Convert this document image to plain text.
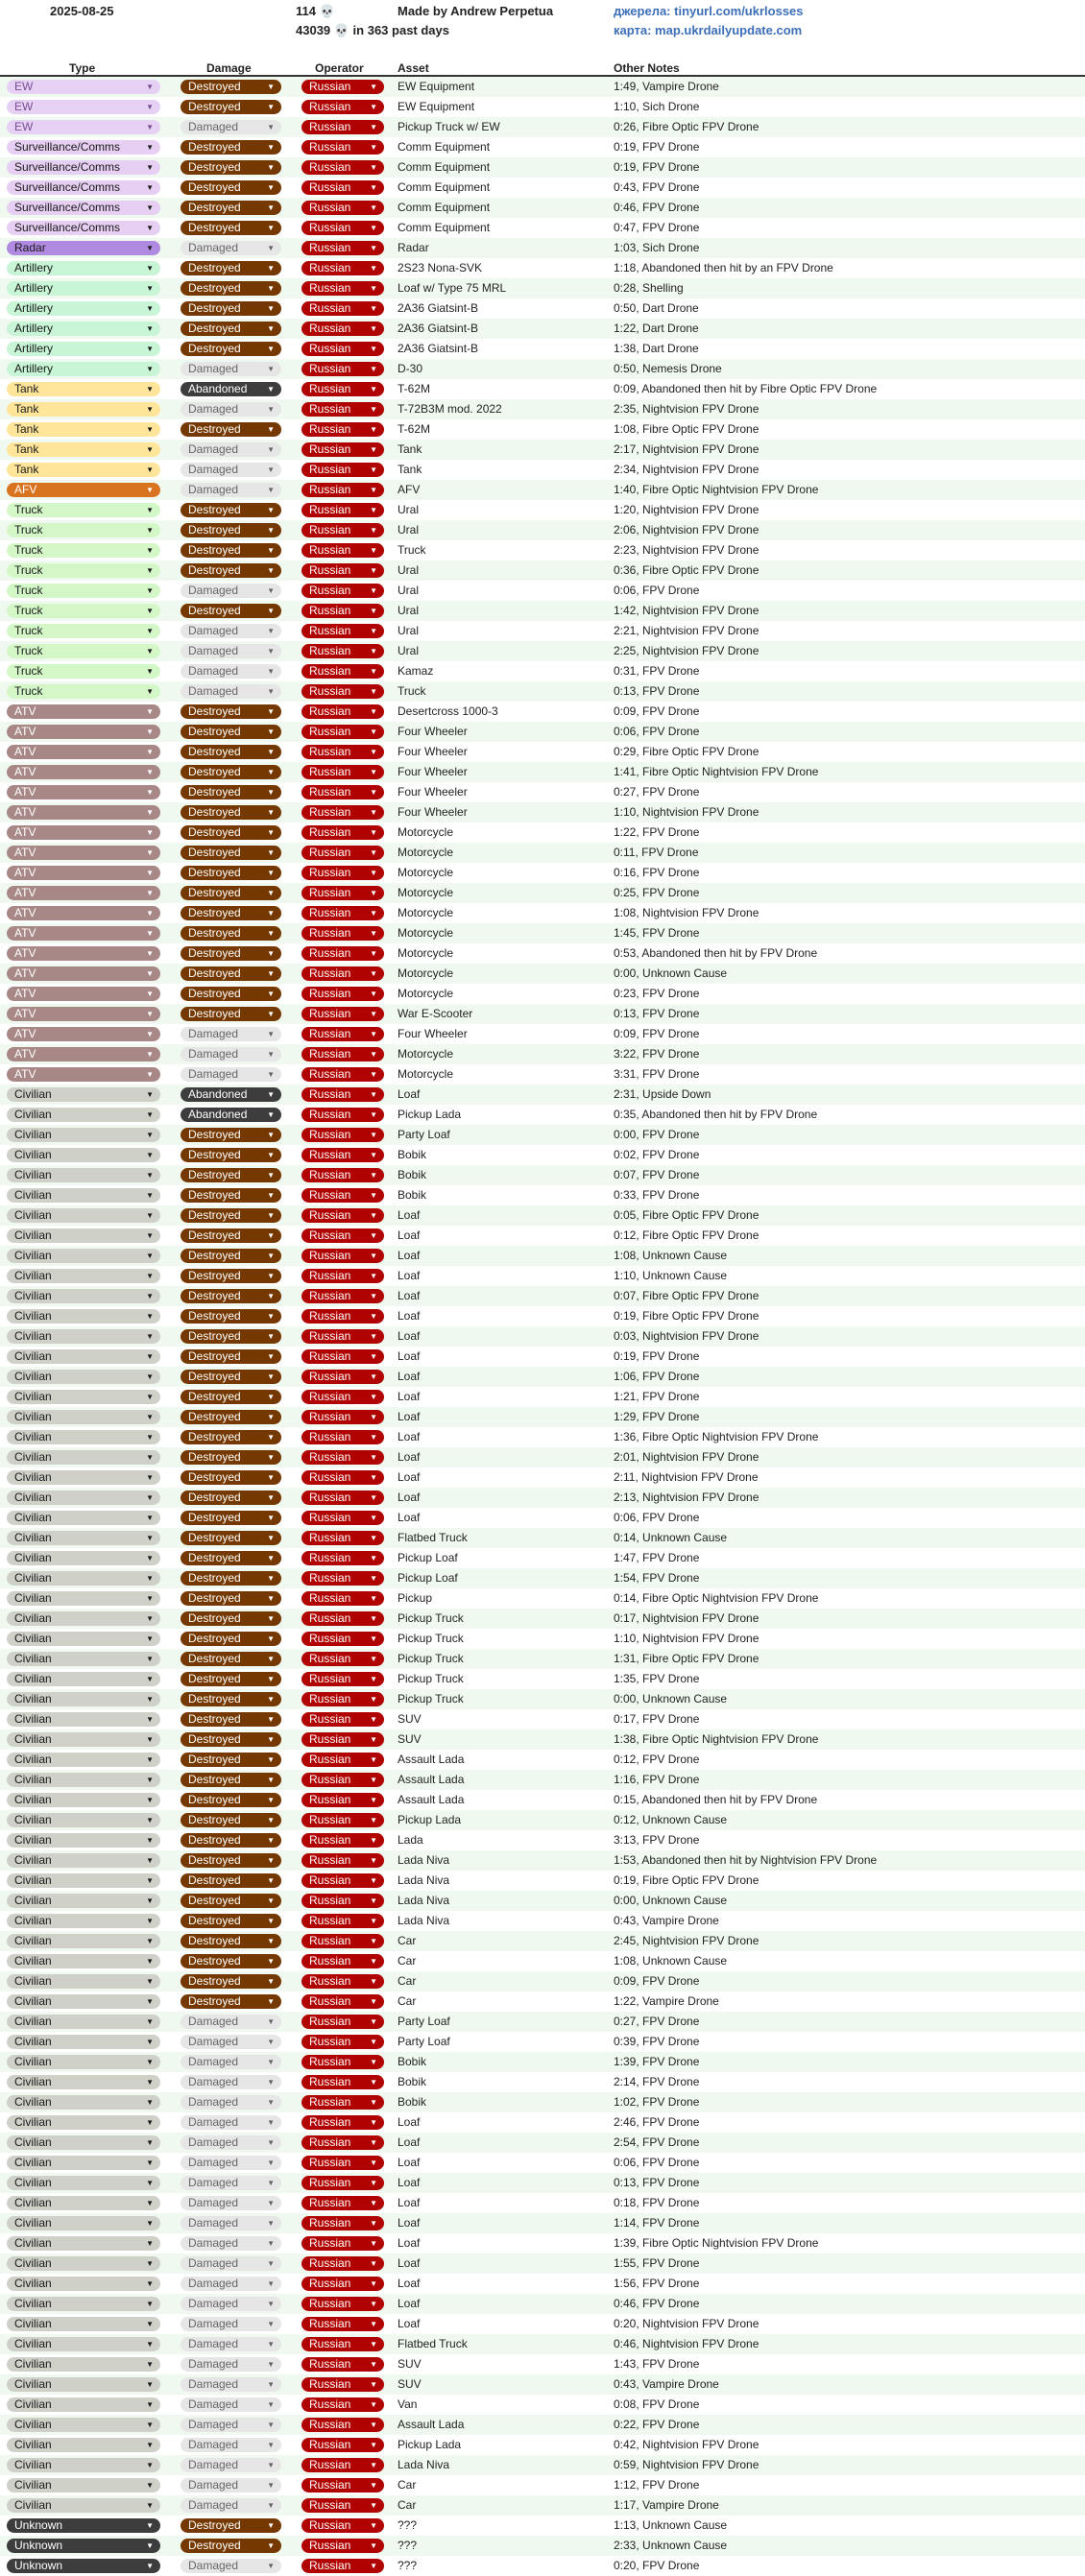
2025-08-25	114 💀
43039 💀 in 363 past days
Made by Andrew Perpetua	джерела: tinyurl.com/ukrlosses
карта: map.ukrdailyupdate.com
Type	Damage	Operator	Asset	Other Notes
EW	▼	Destroyed	▼	Russian ▼ EW Equipment	1:49, Vampire Drone
EW	▼	Destroyed	▼	Russian ▼ EW Equipment	1:10, Sich Drone
EW	▼	Damaged	▼	Russian ▼ Pickup Truck w/ EW	0:26, Fibre Optic FPV Drone
Surveillance/Comms	▼	Destroyed	▼	Russian ▼ Comm Equipment	0:19, FPV Drone
Surveillance/Comms	▼	Destroyed	▼	Russian ▼ Comm Equipment	0:19, FPV Drone
Surveillance/Comms	▼	Destroyed	▼	Russian ▼ Comm Equipment	0:43, FPV Drone
Surveillance/Comms	▼	Destroyed	▼	Russian ▼ Comm Equipment	0:46, FPV Drone
Surveillance/Comms	▼	Destroyed	▼	Russian ▼ Comm Equipment	0:47, FPV Drone
Radar	▼	Damaged	▼	Russian ▼ Radar	1:03, Sich Drone
Artillery	▼	Destroyed	▼	Russian ▼ 2S23 Nona-SVK	1:18, Abandoned then hit by an FPV Drone
Artillery	▼	Destroyed	▼	Russian ▼ Loaf w/ Type 75 MRL	0:28, Shelling
Artillery	▼	Destroyed	▼	Russian ▼ 2A36 Giatsint-B	0:50, Dart Drone
Artillery	▼	Destroyed	▼	Russian ▼ 2A36 Giatsint-B	1:22, Dart Drone
Artillery	▼	Destroyed	▼	Russian ▼ 2A36 Giatsint-B	1:38, Dart Drone
Artillery	▼	Damaged	▼	Russian ▼ D-30	0:50, Nemesis Drone
Tank	▼	Abandoned	▼	Russian ▼ T-62M	0:09, Abandoned then hit by Fibre Optic FPV Drone
Tank	▼	Damaged	▼	Russian ▼ T-72B3M mod. 2022	2:35, Nightvision FPV Drone
Tank	▼	Destroyed	▼	Russian ▼ T-62M	1:08, Fibre Optic FPV Drone
Tank	▼	Damaged	▼	Russian ▼ Tank	2:17, Nightvision FPV Drone
Tank	▼	Damaged	▼	Russian ▼ Tank	2:34, Nightvision FPV Drone
AFV	▼	Damaged	▼	Russian ▼ AFV	1:40, Fibre Optic Nightvision FPV Drone
Truck	▼	Destroyed	▼	Russian ▼ Ural	1:20, Nightvision FPV Drone
Truck	▼	Destroyed	▼	Russian ▼ Ural	2:06, Nightvision FPV Drone
Truck	▼	Destroyed	▼	Russian ▼ Truck	2:23, Nightvision FPV Drone
Truck	▼	Destroyed	▼	Russian ▼ Ural	0:36, Fibre Optic FPV Drone
Truck	▼	Damaged	▼	Russian ▼ Ural	0:06, FPV Drone
Truck	▼	Destroyed	▼	Russian ▼ Ural	1:42, Nightvision FPV Drone
Truck	▼	Damaged	▼	Russian ▼ Ural	2:21, Nightvision FPV Drone
Truck	▼	Damaged	▼	Russian ▼ Ural	2:25, Nightvision FPV Drone
Truck	▼	Damaged	▼	Russian ▼ Kamaz	0:31, FPV Drone
Truck	▼	Damaged	▼	Russian ▼ Truck	0:13, FPV Drone
ATV	▼	Destroyed	▼	Russian ▼ Desertcross 1000-3	0:09, FPV Drone
ATV	▼	Destroyed	▼	Russian ▼ Four Wheeler	0:06, FPV Drone
ATV	▼	Destroyed	▼	Russian ▼ Four Wheeler	0:29, Fibre Optic FPV Drone
ATV	▼	Destroyed	▼	Russian ▼ Four Wheeler	1:41, Fibre Optic Nightvision FPV Drone
ATV	▼	Destroyed	▼	Russian ▼ Four Wheeler	0:27, FPV Drone
ATV	▼	Destroyed	▼	Russian ▼ Four Wheeler	1:10, Nightvision FPV Drone
ATV	▼	Destroyed	▼	Russian ▼ Motorcycle	1:22, FPV Drone
ATV	▼	Destroyed	▼	Russian ▼ Motorcycle	0:11, FPV Drone
ATV	▼	Destroyed	▼	Russian ▼ Motorcycle	0:16, FPV Drone
ATV	▼	Destroyed	▼	Russian ▼ Motorcycle	0:25, FPV Drone
ATV	▼	Destroyed	▼	Russian ▼ Motorcycle	1:08, Nightvision FPV Drone
ATV	▼	Destroyed	▼	Russian ▼ Motorcycle	1:45, FPV Drone
ATV	▼	Destroyed	▼	Russian ▼ Motorcycle	0:53, Abandoned then hit by FPV Drone
ATV	▼	Destroyed	▼	Russian ▼ Motorcycle	0:00, Unknown Cause
ATV	▼	Destroyed	▼	Russian ▼ Motorcycle	0:23, FPV Drone
ATV	▼	Destroyed	▼	Russian ▼ War E-Scooter	0:13, FPV Drone
ATV	▼	Damaged	▼	Russian ▼ Four Wheeler	0:09, FPV Drone
ATV	▼	Damaged	▼	Russian ▼ Motorcycle	3:22, FPV Drone
ATV	▼	Damaged	▼	Russian ▼ Motorcycle	3:31, FPV Drone
Civilian	▼	Abandoned	▼	Russian ▼ Loaf	2:31, Upside Down
Civilian	▼	Abandoned	▼	Russian ▼ Pickup Lada	0:35, Abandoned then hit by FPV Drone
Civilian	▼	Destroyed	▼	Russian ▼ Party Loaf	0:00, FPV Drone
Civilian	▼	Destroyed	▼	Russian ▼ Bobik	0:02, FPV Drone
Civilian	▼	Destroyed	▼	Russian ▼ Bobik	0:07, FPV Drone
Civilian	▼	Destroyed	▼	Russian ▼ Bobik	0:33, FPV Drone
Civilian	▼	Destroyed	▼	Russian ▼ Loaf	0:05, Fibre Optic FPV Drone
Civilian	▼	Destroyed	▼	Russian ▼ Loaf	0:12, Fibre Optic FPV Drone
Civilian	▼	Destroyed	▼	Russian ▼ Loaf	1:08, Unknown Cause
Civilian	▼	Destroyed	▼	Russian ▼ Loaf	1:10, Unknown Cause
Civilian	▼	Destroyed	▼	Russian ▼ Loaf	0:07, Fibre Optic FPV Drone
Civilian	▼	Destroyed	▼	Russian ▼ Loaf	0:19, Fibre Optic FPV Drone
Civilian	▼	Destroyed	▼	Russian ▼ Loaf	0:03, Nightvision FPV Drone
Civilian	▼	Destroyed	▼	Russian ▼ Loaf	0:19, FPV Drone
Civilian	▼	Destroyed	▼	Russian ▼ Loaf	1:06, FPV Drone
Civilian	▼	Destroyed	▼	Russian ▼ Loaf	1:21, FPV Drone
Civilian	▼	Destroyed	▼	Russian ▼ Loaf	1:29, FPV Drone
Civilian	▼	Destroyed	▼	Russian ▼ Loaf	1:36, Fibre Optic Nightvision FPV Drone
Civilian	▼	Destroyed	▼	Russian ▼ Loaf	2:01, Nightvision FPV Drone
Civilian	▼	Destroyed	▼	Russian ▼ Loaf	2:11, Nightvision FPV Drone
Civilian	▼	Destroyed	▼	Russian ▼ Loaf	2:13, Nightvision FPV Drone
Civilian	▼	Destroyed	▼	Russian ▼ Loaf	0:06, FPV Drone
Civilian	▼	Destroyed	▼	Russian ▼ Flatbed Truck	0:14, Unknown Cause
Civilian	▼	Destroyed	▼	Russian ▼ Pickup Loaf	1:47, FPV Drone
Civilian	▼	Destroyed	▼	Russian ▼ Pickup Loaf	1:54, FPV Drone
Civilian	▼	Destroyed	▼	Russian ▼ Pickup	0:14, Fibre Optic Nightvision FPV Drone
Civilian	▼	Destroyed	▼	Russian ▼ Pickup Truck	0:17, Nightvision FPV Drone
Civilian	▼	Destroyed	▼	Russian ▼ Pickup Truck	1:10, Nightvision FPV Drone
Civilian	▼	Destroyed	▼	Russian ▼ Pickup Truck	1:31, Fibre Optic FPV Drone
Civilian	▼	Destroyed	▼	Russian ▼ Pickup Truck	1:35, FPV Drone
Civilian	▼	Destroyed	▼	Russian ▼ Pickup Truck	0:00, Unknown Cause
Civilian	▼	Destroyed	▼	Russian ▼ SUV	0:17, FPV Drone
Civilian	▼	Destroyed	▼	Russian ▼ SUV	1:38, Fibre Optic Nightvision FPV Drone
Civilian	▼	Destroyed	▼	Russian ▼ Assault Lada	0:12, FPV Drone
Civilian	▼	Destroyed	▼	Russian ▼ Assault Lada	1:16, FPV Drone
Civilian	▼	Destroyed	▼	Russian ▼ Assault Lada	0:15, Abandoned then hit by FPV Drone
Civilian	▼	Destroyed	▼	Russian ▼ Pickup Lada	0:12, Unknown Cause
Civilian	▼	Destroyed	▼	Russian ▼ Lada	3:13, FPV Drone
Civilian	▼	Destroyed	▼	Russian ▼ Lada Niva	1:53, Abandoned then hit by Nightvision FPV Drone
Civilian	▼	Destroyed	▼	Russian ▼ Lada Niva	0:19, Fibre Optic FPV Drone
Civilian	▼	Destroyed	▼	Russian ▼ Lada Niva	0:00, Unknown Cause
Civilian	▼	Destroyed	▼	Russian ▼ Lada Niva	0:43, Vampire Drone
Civilian	▼	Destroyed	▼	Russian ▼ Car	2:45, Nightvision FPV Drone
Civilian	▼	Destroyed	▼	Russian ▼ Car	1:08, Unknown Cause
Civilian	▼	Destroyed	▼	Russian ▼ Car	0:09, FPV Drone
Civilian	▼	Destroyed	▼	Russian ▼ Car	1:22, Vampire Drone
Civilian	▼	Damaged	▼	Russian ▼ Party Loaf	0:27, FPV Drone
Civilian	▼	Damaged	▼	Russian ▼ Party Loaf	0:39, FPV Drone
Civilian	▼	Damaged	▼	Russian ▼ Bobik	1:39, FPV Drone
Civilian	▼	Damaged	▼	Russian ▼ Bobik	2:14, FPV Drone
Civilian	▼	Damaged	▼	Russian ▼ Bobik	1:02, FPV Drone
Civilian	▼	Damaged	▼	Russian ▼ Loaf	2:46, FPV Drone
Civilian	▼	Damaged	▼	Russian ▼ Loaf	2:54, FPV Drone
Civilian	▼	Damaged	▼	Russian ▼ Loaf	0:06, FPV Drone
Civilian	▼	Damaged	▼	Russian ▼ Loaf	0:13, FPV Drone
Civilian	▼	Damaged	▼	Russian ▼ Loaf	0:18, FPV Drone
Civilian	▼	Damaged	▼	Russian ▼ Loaf	1:14, FPV Drone
Civilian	▼	Damaged	▼	Russian ▼ Loaf	1:39, Fibre Optic Nightvision FPV Drone
Civilian	▼	Damaged	▼	Russian ▼ Loaf	1:55, FPV Drone
Civilian	▼	Damaged	▼	Russian ▼ Loaf	1:56, FPV Drone
Civilian	▼	Damaged	▼	Russian ▼ Loaf	0:46, FPV Drone
Civilian	▼	Damaged	▼	Russian ▼ Loaf	0:20, Nightvision FPV Drone
Civilian	▼	Damaged	▼	Russian ▼ Flatbed Truck	0:46, Nightvision FPV Drone
Civilian	▼	Damaged	▼	Russian ▼ SUV	1:43, FPV Drone
Civilian	▼	Damaged	▼	Russian ▼ SUV	0:43, Vampire Drone
Civilian	▼	Damaged	▼	Russian ▼ Van	0:08, FPV Drone
Civilian	▼	Damaged	▼	Russian ▼ Assault Lada	0:22, FPV Drone
Civilian	▼	Damaged	▼	Russian ▼ Pickup Lada	0:42, Nightvision FPV Drone
Civilian	▼	Damaged	▼	Russian ▼ Lada Niva	0:59, Nightvision FPV Drone
Civilian	▼	Damaged	▼	Russian ▼ Car	1:12, FPV Drone
Civilian	▼	Damaged	▼	Russian ▼ Car	1:17, Vampire Drone
Unknown	▼	Destroyed	▼	Russian ▼ ???	1:13, Unknown Cause
Unknown	▼	Destroyed	▼	Russian ▼ ???	2:33, Unknown Cause
Unknown	▼	Damaged	▼	Russian ▼ ???	0:20, FPV Drone
